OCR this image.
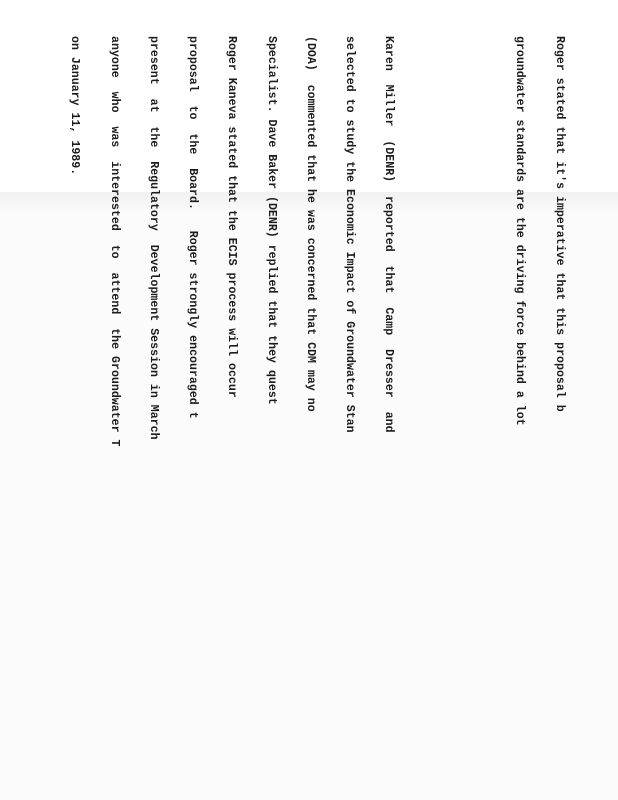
Roger stated that it's imperative that this proposal b

groundwater standards are the driving force behind a lot

Karen  Miller  (DENR)  reported  that  Camp  Dresser  and

selected to study the Economic Impact of Groundwater Stan

(DOA)  commented that he was concerned that CDM may no

Specialist. Dave Baker (DENR) replied that they quest

Roger Kaneva stated that the ECIS process will occur

proposal  to  the  Board.   Roger strongly encouraged t

present  at  the  Regulatory  Development Session in March

anyone  who  was  interested  to  attend  the Groundwater T

on January 11, 1989.
